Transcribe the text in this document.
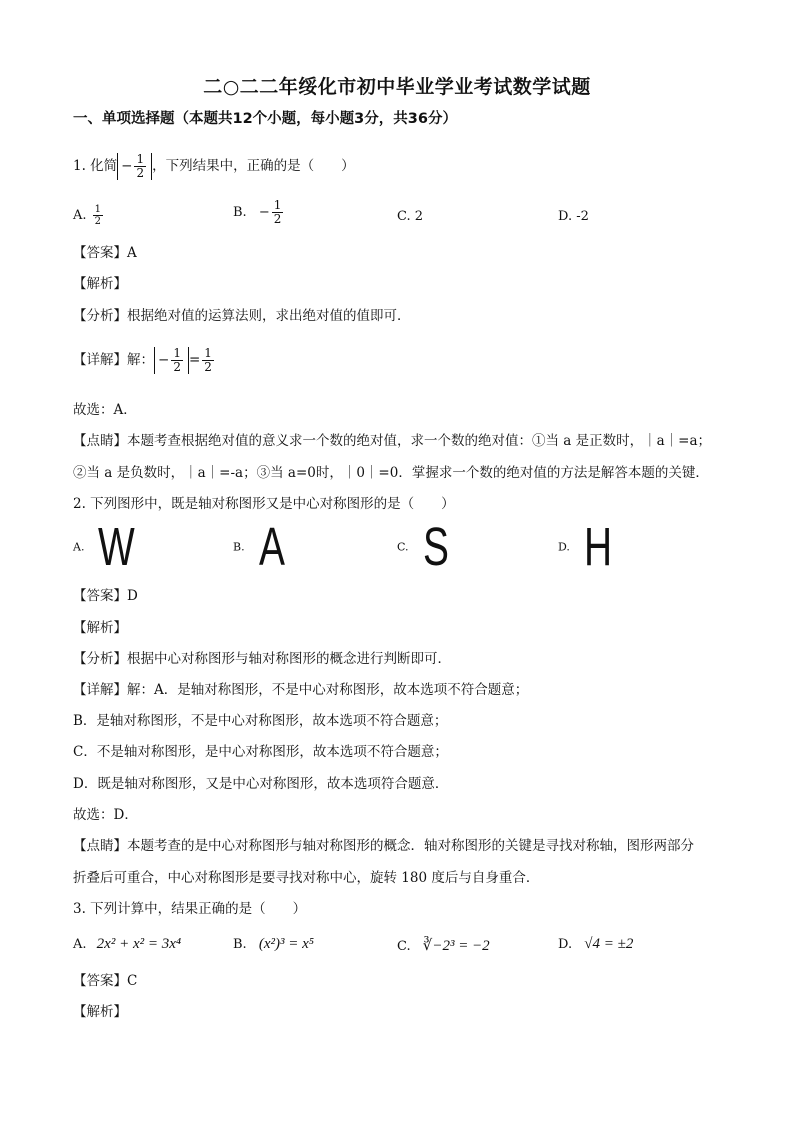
二○二二年绥化市初中毕业学业考试数学试题
一、单项选择题（本题共12个小题，每小题3分，共36分）
1. 化简 − $\frac{1}{2}$ ，下列结果中，正确的是（　　）
A. $\frac{1}{2}$	B. − $\frac{1}{2}$	C. 2	D. -2
【答案】A
【解析】
【分析】根据绝对值的运算法则，求出绝对值的值即可．
【详解】解： − $\frac{1}{2} = \frac{1}{2}$
故选：A．
【点睛】本题考查根据绝对值的意义求一个数的绝对值，求一个数的绝对值：①当 a 是正数时，｜a｜=a；
②当 a 是负数时，｜a｜=-a；③当 a=0时，｜0｜=0．掌握求一个数的绝对值的方法是解答本题的关键．
2. 下列图形中，既是轴对称图形又是中心对称图形的是（　　）
A. W	B. A	C. S	D. H
【答案】D
【解析】
【分析】根据中心对称图形与轴对称图形的概念进行判断即可．
【详解】解：A．是轴对称图形，不是中心对称图形，故本选项不符合题意；
B．是轴对称图形，不是中心对称图形，故本选项不符合题意；
C．不是轴对称图形，是中心对称图形，故本选项不符合题意；
D．既是轴对称图形，又是中心对称图形，故本选项符合题意．
故选：D．
【点睛】本题考查的是中心对称图形与轴对称图形的概念．轴对称图形的关键是寻找对称轴，图形两部分
折叠后可重合，中心对称图形是要寻找对称中心，旋转 180 度后与自身重合．
3. 下列计算中，结果正确的是（　　）
A. 2x² + x² = 3x⁴	B. (x²)³ = x⁵	C. ∛−2³ = −2	D. √4 = ±2
【答案】C
【解析】
